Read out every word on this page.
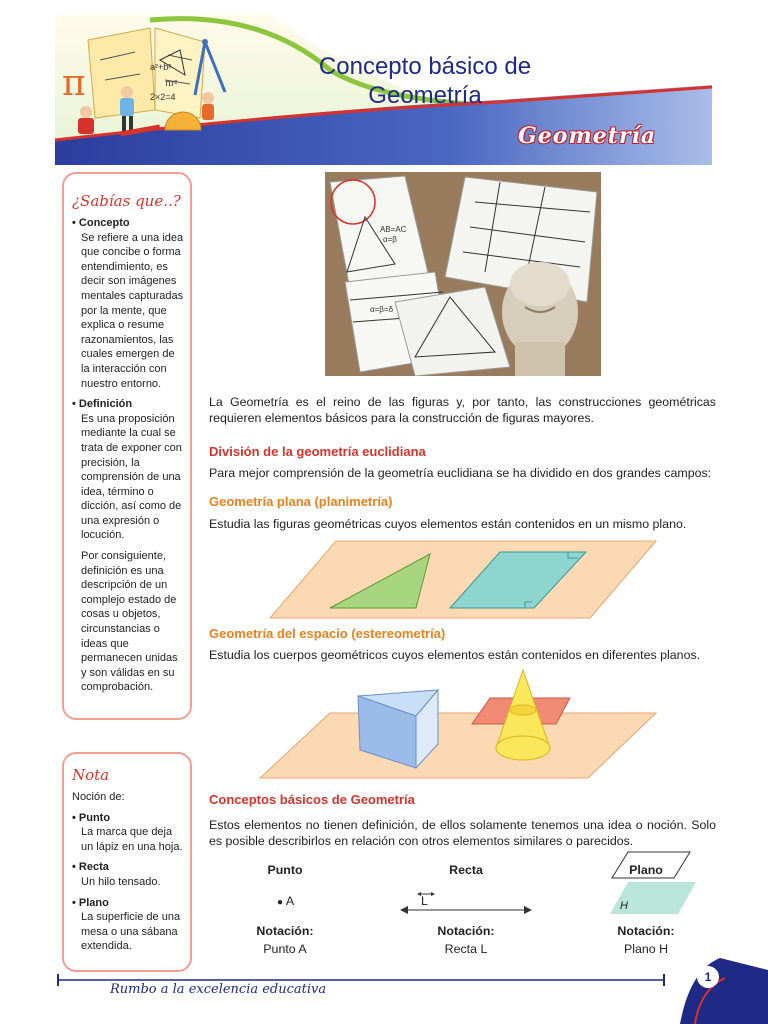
a²+b²
2×2=4
πr²
π	Concepto básico de
Geometría
Geometría
¿Sabías que..?
• Concepto
Se refiere a una idea que concibe o forma entendimiento, es decir son imágenes mentales capturadas por la mente, que explica o resume razonamientos, las cuales emergen de la interacción con nuestro entorno.
• Definición
Es una proposición mediante la cual se trata de exponer con precisión, la comprensión de una idea, término o dicción, así como de una expresión o locución.
Por consiguiente, definición es una descripción de un complejo estado de cosas u objetos, circunstancias o ideas que permanecen unidas y son válidas en su comprobación.
Nota
Noción de:
• Punto
La marca que deja un lápiz en una hoja.
• Recta
Un hilo tensado.
• Plano
La superficie de una mesa o una sábana extendida.
AB=AC
α=β
α=β=δ
La Geometría es el reino de las figuras y, por tanto, las construcciones geométricas requieren elementos básicos para la construcción de figuras mayores.
División de la geometría euclidiana
Para mejor comprensión de la geometría euclidiana se ha dividido en dos grandes campos:
Geometría plana (planimetría)
Estudia las figuras geométricas cuyos elementos están contenidos en un mismo plano.
Geometría del espacio (estereometría)
Estudia los cuerpos geométricos cuyos elementos están contenidos en diferentes planos.
Conceptos básicos de Geometría
Estos elementos no tienen definición, de ellos solamente tenemos una idea o noción. Solo es posible describirlos en relación con otros elementos similares o parecidos.
Punto	Recta	Plano
● A	L	H
Notación:	Notación:	Notación:
Punto A	Recta L	Plano H
Rumbo a la excelencia educativa
1
